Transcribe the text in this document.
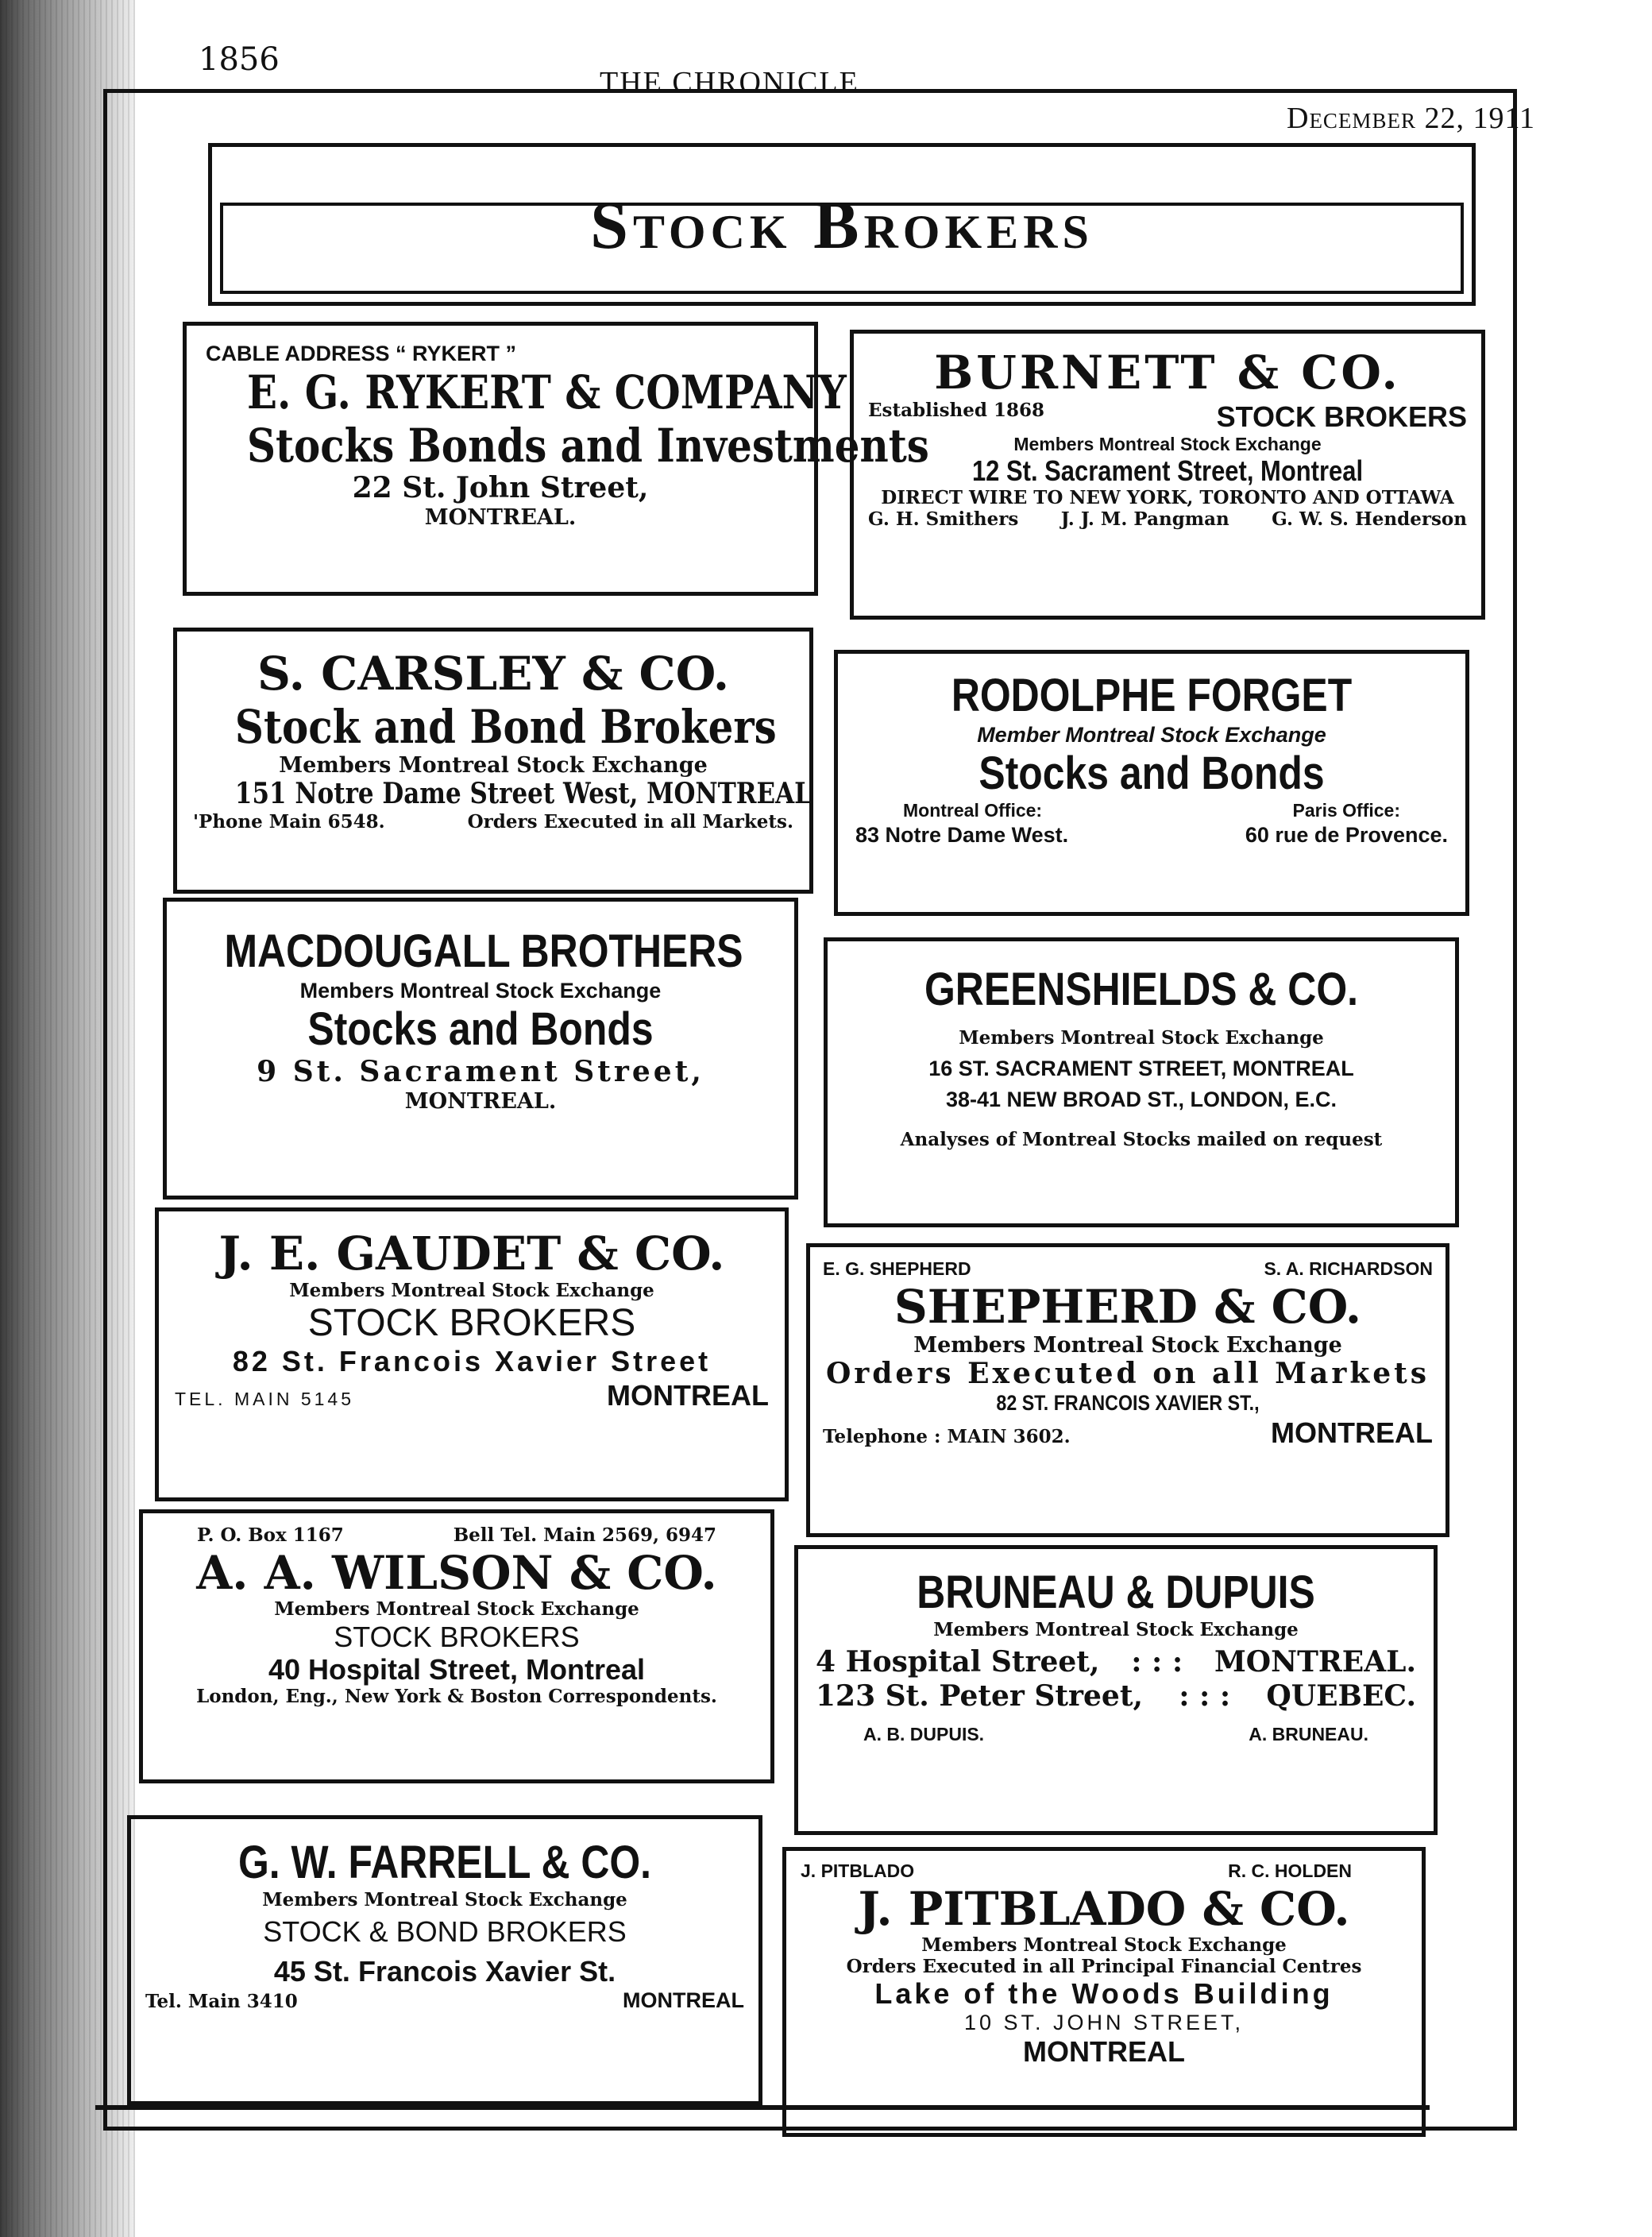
1856
THE CHRONICLE.
December 22, 1911
Stock Brokers
CABLE ADDRESS “ RYKERT ”
E. G. RYKERT & COMPANY
Stocks Bonds and Investments
22 St. John Street,
MONTREAL.
BURNETT & CO.
Established 1868	STOCK BROKERS
Members Montreal Stock Exchange
12 St. Sacrament Street, Montreal
DIRECT WIRE TO NEW YORK, TORONTO AND OTTAWA
G. H. Smithers J. J. M. Pangman G. W. S. Henderson
S. CARSLEY & CO.
Stock and Bond Brokers
Members Montreal Stock Exchange
151 Notre Dame Street West, MONTREAL
'Phone Main 6548.	Orders Executed in all Markets.
RODOLPHE FORGET
Member Montreal Stock Exchange
Stocks and Bonds
Montreal Office:	Paris Office:
83 Notre Dame West.	60 rue de Provence.
MACDOUGALL BROTHERS
Members Montreal Stock Exchange
Stocks and Bonds
9 St. Sacrament Street,
MONTREAL.
GREENSHIELDS & CO.
Members Montreal Stock Exchange
16 ST. SACRAMENT STREET, MONTREAL
38-41 NEW BROAD ST., LONDON, E.C.
Analyses of Montreal Stocks mailed on request
J. E. GAUDET & CO.
Members Montreal Stock Exchange
STOCK BROKERS
82 St. Francois Xavier Street
TEL. MAIN 5145	MONTREAL
E. G. SHEPHERD	S. A. RICHARDSON
SHEPHERD & CO.
Members Montreal Stock Exchange
Orders Executed on all Markets
82 ST. FRANCOIS XAVIER ST.,
Telephone : MAIN 3602.	MONTREAL
P. O. Box 1167	Bell Tel. Main 2569, 6947
A. A. WILSON & CO.
Members Montreal Stock Exchange
STOCK BROKERS
40 Hospital Street, Montreal
London, Eng., New York & Boston Correspondents.
BRUNEAU & DUPUIS
Members Montreal Stock Exchange
4 Hospital Street, : : : MONTREAL.
123 St. Peter Street, : : : QUEBEC.
A. B. DUPUIS.	A. BRUNEAU.
G. W. FARRELL & CO.
Members Montreal Stock Exchange
STOCK & BOND BROKERS
45 St. Francois Xavier St.
Tel. Main 3410	MONTREAL
J. PITBLADO	R. C. HOLDEN
J. PITBLADO & CO.
Members Montreal Stock Exchange
Orders Executed in all Principal Financial Centres
Lake of the Woods Building
10 ST. JOHN STREET,
MONTREAL
